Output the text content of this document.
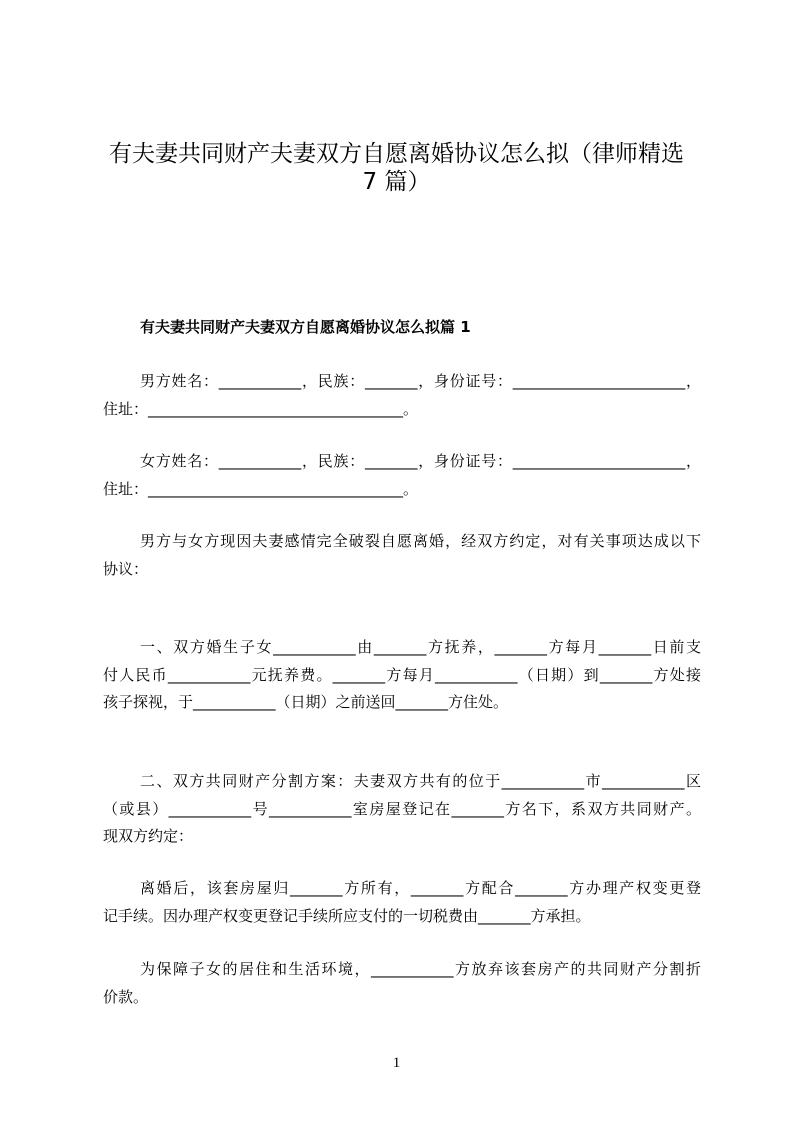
有夫妻共同财产夫妻双方自愿离婚协议怎么拟（律师精选
7 篇）
有夫妻共同财产夫妻双方自愿离婚协议怎么拟篇 1
男方姓名：___________，民族：_______，身份证号：_______________________，
住址：__________________________________。
女方姓名：___________，民族：_______，身份证号：_______________________，
住址：__________________________________。
男方与女方现因夫妻感情完全破裂自愿离婚，经双方约定，对有关事项达成以下
协议：
一、双方婚生子女___________由_______方抚养，_______方每月_______日前支
付人民币___________元抚养费。_______方每月___________（日期）到_______方处接
孩子探视，于___________（日期）之前送回_______方住处。
二、双方共同财产分割方案：夫妻双方共有的位于___________市___________区
（或县）___________号___________室房屋登记在_______方名下，系双方共同财产。
现双方约定：
离婚后，该套房屋归_______方所有，_______方配合_______方办理产权变更登
记手续。因办理产权变更登记手续所应支付的一切税费由_______方承担。
为保障子女的居住和生活环境，___________方放弃该套房产的共同财产分割折
价款。
1
